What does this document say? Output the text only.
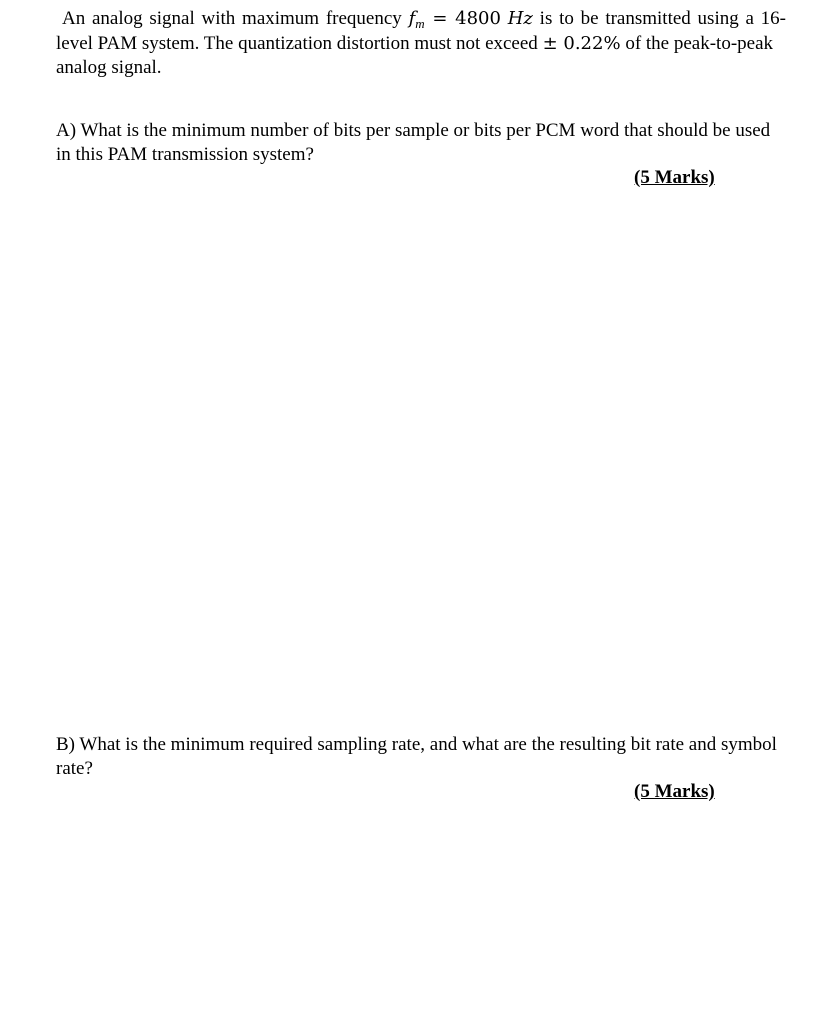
An analog signal with maximum frequency $f_m = 4800$ Hz is to be transmitted using a 16-
level PAM system. The quantization distortion must not exceed ± 0.22% of the peak-to-peak analog signal.
A) What is the minimum number of bits per sample or bits per PCM word that should be used in this PAM transmission system?
(5 Marks)
B) What is the minimum required sampling rate, and what are the resulting bit rate and symbol rate?
(5 Marks)
